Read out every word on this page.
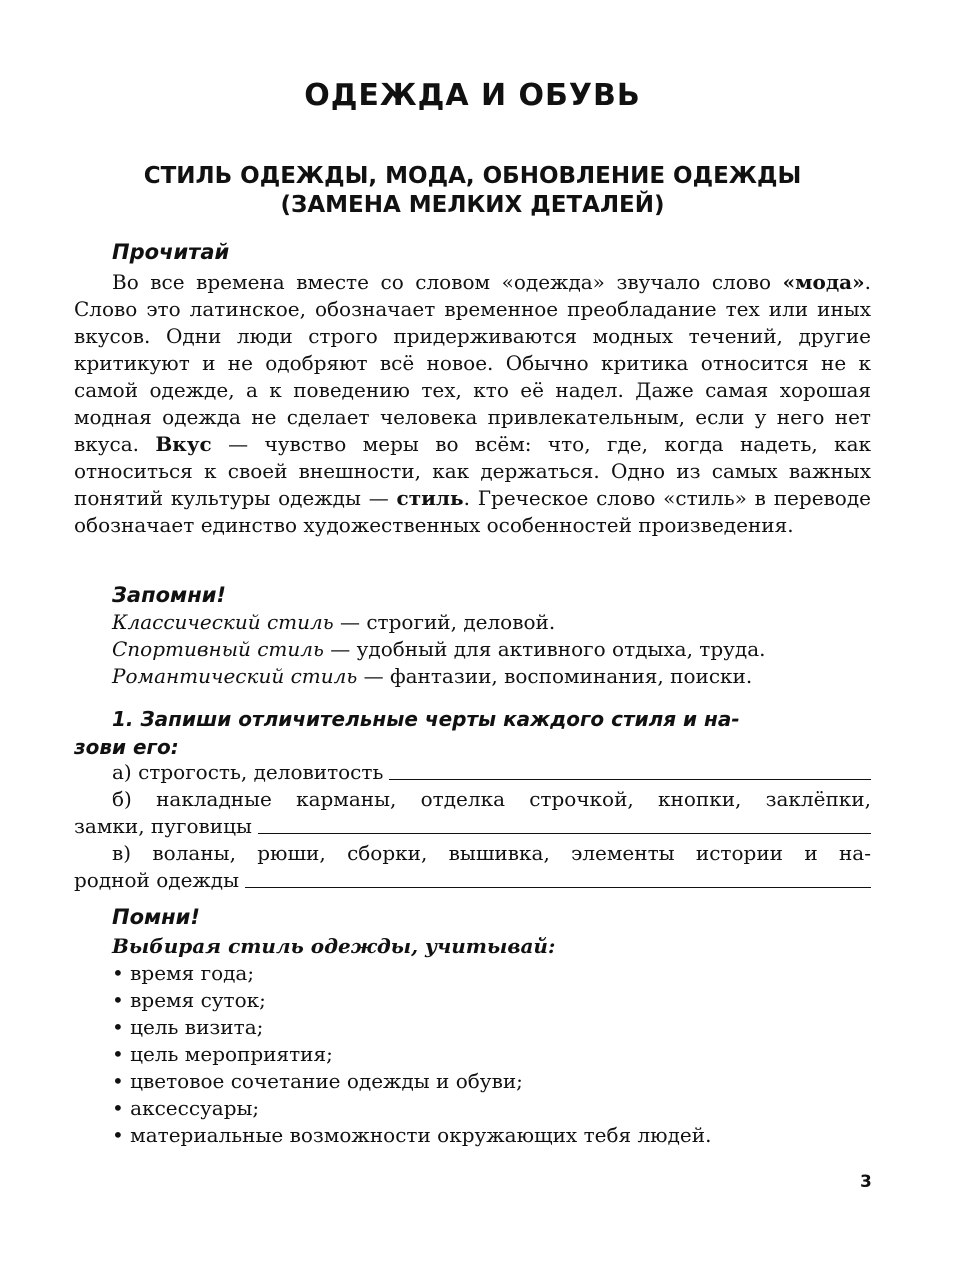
ОДЕЖДА И ОБУВЬ
СТИЛЬ ОДЕЖДЫ, МОДА, ОБНОВЛЕНИЕ ОДЕЖДЫ
(ЗАМЕНА МЕЛКИХ ДЕТАЛЕЙ)
Прочитай

Во все времена вместе со словом «одежда» звучало слово «мода». Слово это латинское, обозначает временное преобладание тех или иных вкусов. Одни люди строго придерживаются модных течений, другие критикуют и не одобряют всё новое. Обычно критика относится не к самой одежде, а к поведению тех, кто её надел. Даже самая хорошая модная одежда не сделает человека привлекательным, если у него нет вкуса. Вкус — чувство меры во всём: что, где, когда надеть, как относиться к своей внешности, как держаться. Одно из самых важных понятий культуры одежды — стиль. Греческое слово «стиль» в переводе обозначает единство художественных особенностей произведения.

Запомни!
Классический стиль — строгий, деловой.
Спортивный стиль — удобный для активного отдыха, труда.
Романтический стиль — фантазии, воспоминания, поиски.
1. Запиши отличительные черты каждого стиля и на-
зови его:
а) строгость, деловитость
б) накладные карманы, отделка строчкой, кнопки, заклёпки,
замки, пуговицы
в) воланы, рюши, сборки, вышивка, элементы истории и на-
родной одежды
Помни!
Выбирая стиль одежды, учитывай:
• время года;
• время суток;
• цель визита;
• цель мероприятия;
• цветовое сочетание одежды и обуви;
• аксессуары;
• материальные возможности окружающих тебя людей.
3
